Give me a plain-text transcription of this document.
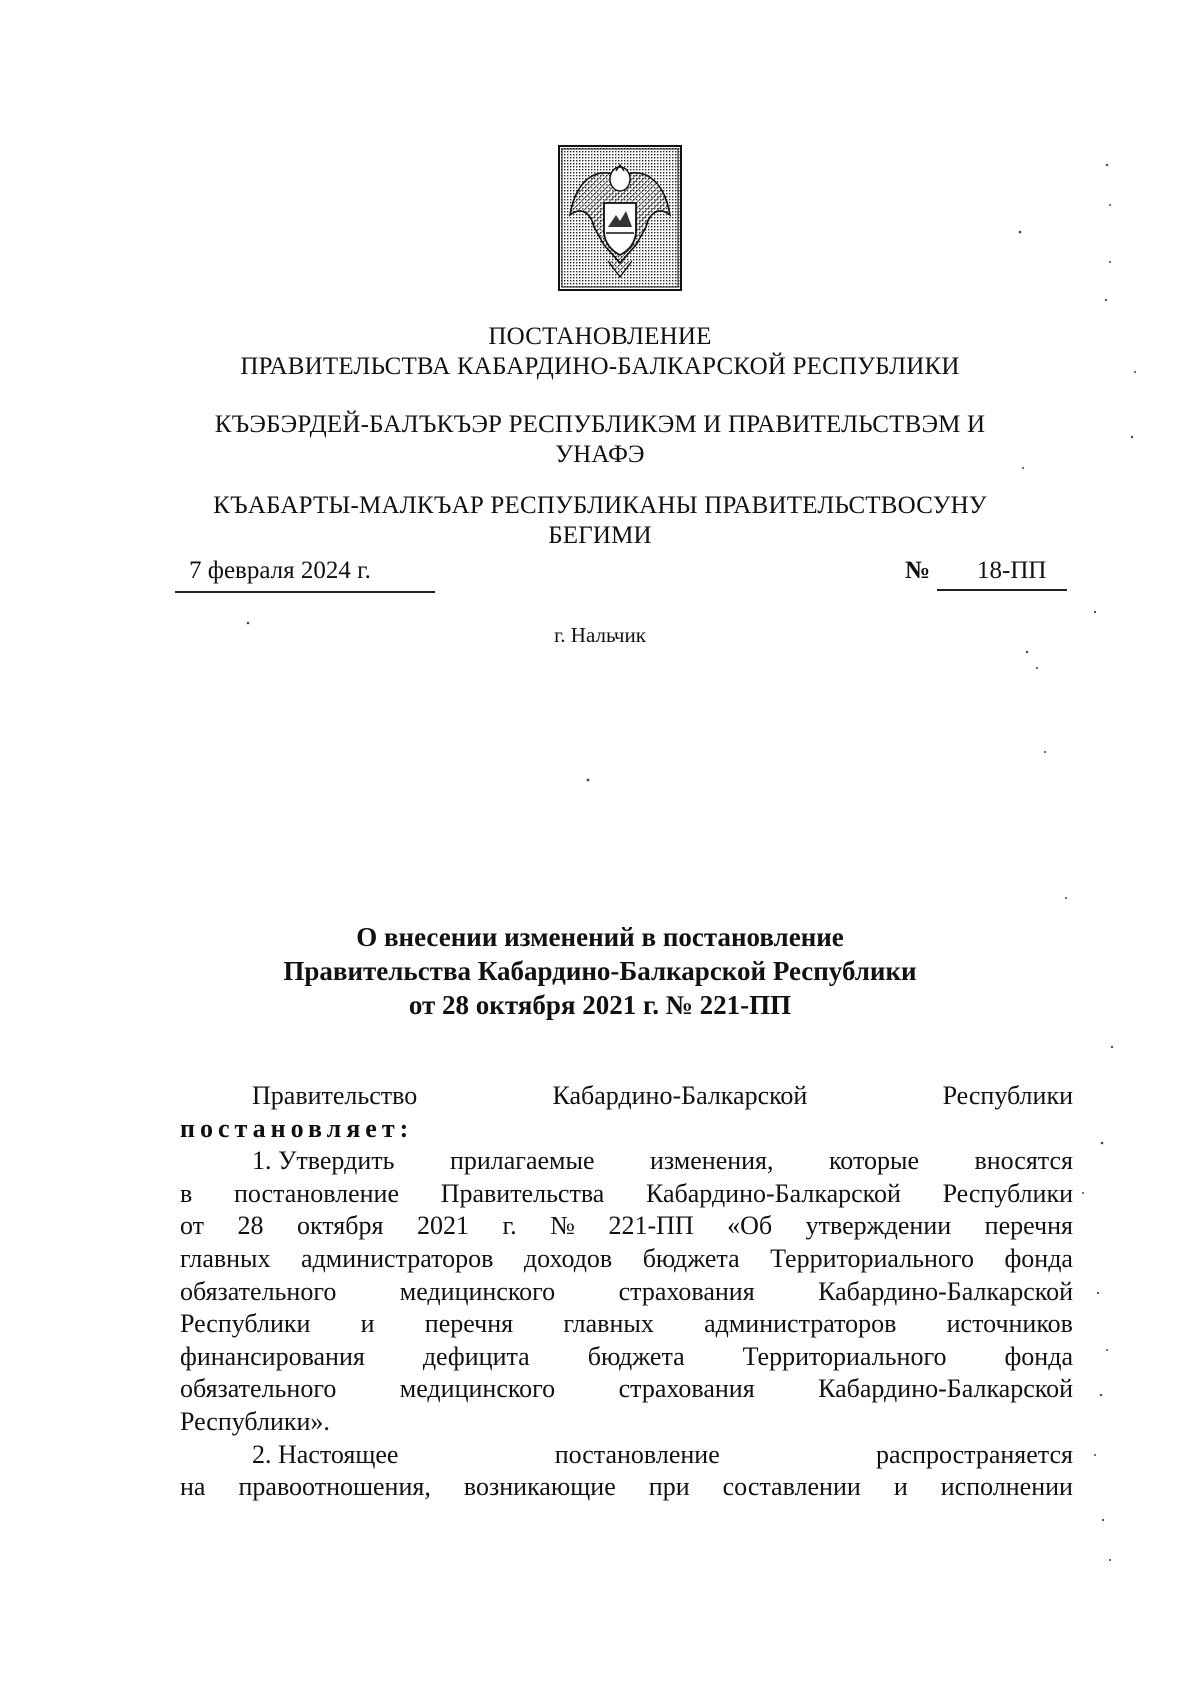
ПОСТАНОВЛЕНИЕ
ПРАВИТЕЛЬСТВА КАБАРДИНО-БАЛКАРСКОЙ РЕСПУБЛИКИ
КЪЭБЭРДЕЙ-БАЛЪКЪЭР РЕСПУБЛИКЭМ И ПРАВИТЕЛЬСТВЭМ И
УНАФЭ
КЪАБАРТЫ-МАЛКЪАР РЕСПУБЛИКАНЫ ПРАВИТЕЛЬСТВОСУНУ
БЕГИМИ
7 февраля 2024 г.	№	18-ПП
г. Нальчик
О внесении изменений в постановление
Правительства Кабардино-Балкарской Республики
от 28 октября 2021 г. № 221-ПП
Правительство	Кабардино-Балкарской	Республики
постановляет:
1. Утвердить прилагаемые изменения, которые вносятся
в постановление Правительства Кабардино-Балкарской Республики
от 28 октября 2021 г. № 221-ПП «Об утверждении перечня
главных администраторов доходов бюджета Территориального фонда
обязательного медицинского страхования Кабардино-Балкарской
Республики и перечня главных администраторов источников
финансирования дефицита бюджета Территориального фонда
обязательного медицинского страхования Кабардино-Балкарской
Республики».
2. Настоящее	постановление	распространяется
на правоотношения, возникающие при составлении и исполнении
